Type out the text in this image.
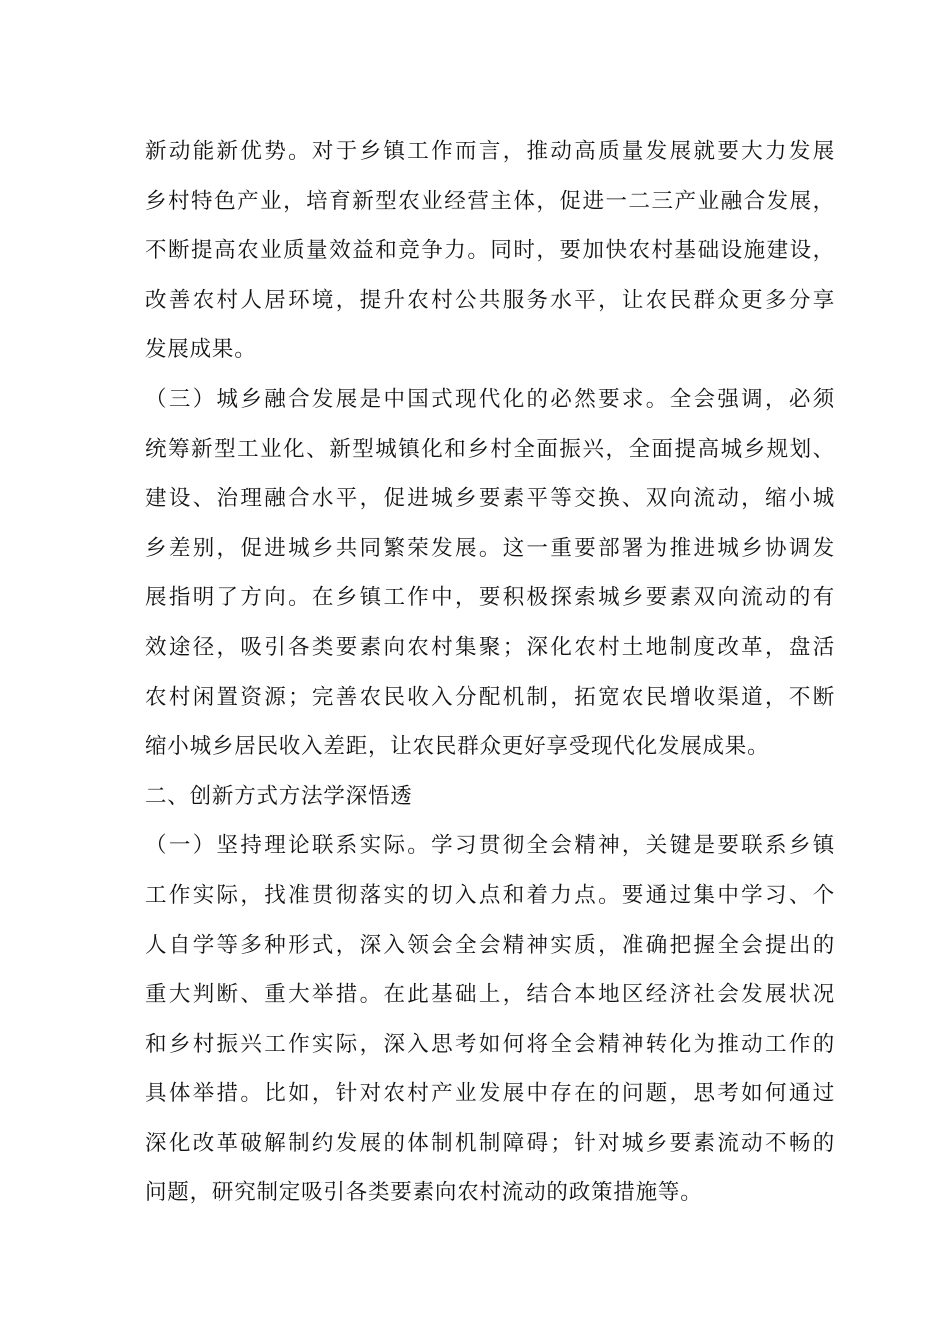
新动能新优势。对于乡镇工作而言，推动高质量发展就要大力发展
乡村特色产业，培育新型农业经营主体，促进一二三产业融合发展，
不断提高农业质量效益和竞争力。同时，要加快农村基础设施建设，
改善农村人居环境，提升农村公共服务水平，让农民群众更多分享
发展成果。
（三）城乡融合发展是中国式现代化的必然要求。全会强调，必须
统筹新型工业化、新型城镇化和乡村全面振兴，全面提高城乡规划、
建设、治理融合水平，促进城乡要素平等交换、双向流动，缩小城
乡差别，促进城乡共同繁荣发展。这一重要部署为推进城乡协调发
展指明了方向。在乡镇工作中，要积极探索城乡要素双向流动的有
效途径，吸引各类要素向农村集聚；深化农村土地制度改革，盘活
农村闲置资源；完善农民收入分配机制，拓宽农民增收渠道，不断
缩小城乡居民收入差距，让农民群众更好享受现代化发展成果。
二、创新方式方法学深悟透
（一）坚持理论联系实际。学习贯彻全会精神，关键是要联系乡镇
工作实际，找准贯彻落实的切入点和着力点。要通过集中学习、个
人自学等多种形式，深入领会全会精神实质，准确把握全会提出的
重大判断、重大举措。在此基础上，结合本地区经济社会发展状况
和乡村振兴工作实际，深入思考如何将全会精神转化为推动工作的
具体举措。比如，针对农村产业发展中存在的问题，思考如何通过
深化改革破解制约发展的体制机制障碍；针对城乡要素流动不畅的
问题，研究制定吸引各类要素向农村流动的政策措施等。
